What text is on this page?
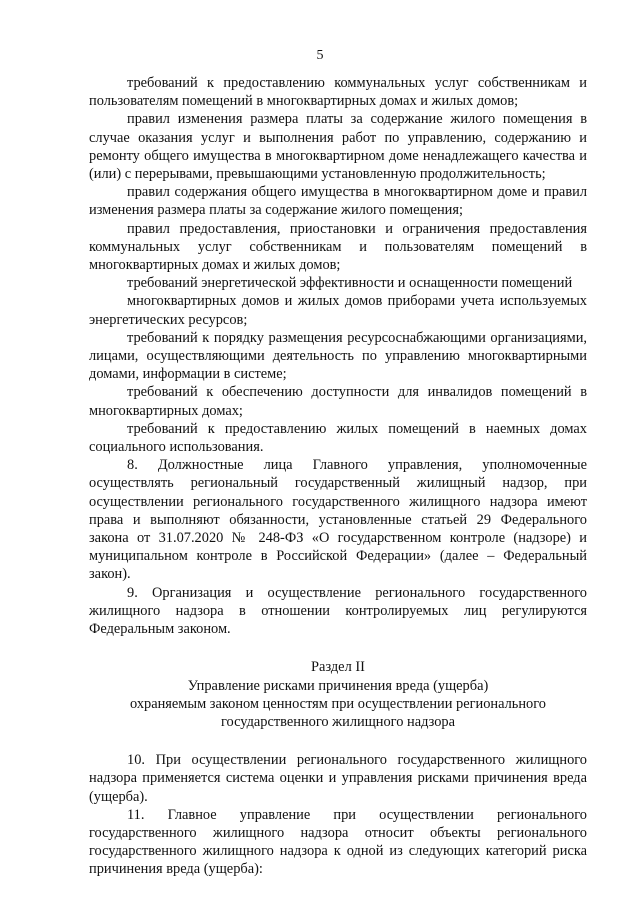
5

требований к предоставлению коммунальных услуг собственникам и пользователям помещений в многоквартирных домах и жилых домов;

правил изменения размера платы за содержание жилого помещения в случае оказания услуг и выполнения работ по управлению, содержанию и ремонту общего имущества в многоквартирном доме ненадлежащего качества и (или) с перерывами, превышающими установленную продолжительность;

правил содержания общего имущества в многоквартирном доме и правил изменения размера платы за содержание жилого помещения;

правил предоставления, приостановки и ограничения предоставления коммунальных услуг собственникам и пользователям помещений в многоквартирных домах и жилых домов;

требований энергетической эффективности и оснащенности помещений

многоквартирных домов и жилых домов приборами учета используемых энергетических ресурсов;

требований к порядку размещения ресурсоснабжающими организациями, лицами, осуществляющими деятельность по управлению многоквартирными домами, информации в системе;

требований к обеспечению доступности для инвалидов помещений в многоквартирных домах;

требований к предоставлению жилых помещений в наемных домах социального использования.

8. Должностные лица Главного управления, уполномоченные осуществлять региональный государственный жилищный надзор, при осуществлении регионального государственного жилищного надзора имеют права и выполняют обязанности, установленные статьей 29 Федерального закона от 31.07.2020 № 248-ФЗ «О государственном контроле (надзоре) и муниципальном контроле в Российской Федерации» (далее – Федеральный закон).

9. Организация и осуществление регионального государственного жилищного надзора в отношении контролируемых лиц регулируются Федеральным законом.

Раздел II
Управление рисками причинения вреда (ущерба)
охраняемым законом ценностям при осуществлении регионального
государственного жилищного надзора

10. При осуществлении регионального государственного жилищного надзора применяется система оценки и управления рисками причинения вреда (ущерба).

11. Главное управление при осуществлении регионального государственного жилищного надзора относит объекты регионального государственного жилищного надзора к одной из следующих категорий риска причинения вреда (ущерба):
